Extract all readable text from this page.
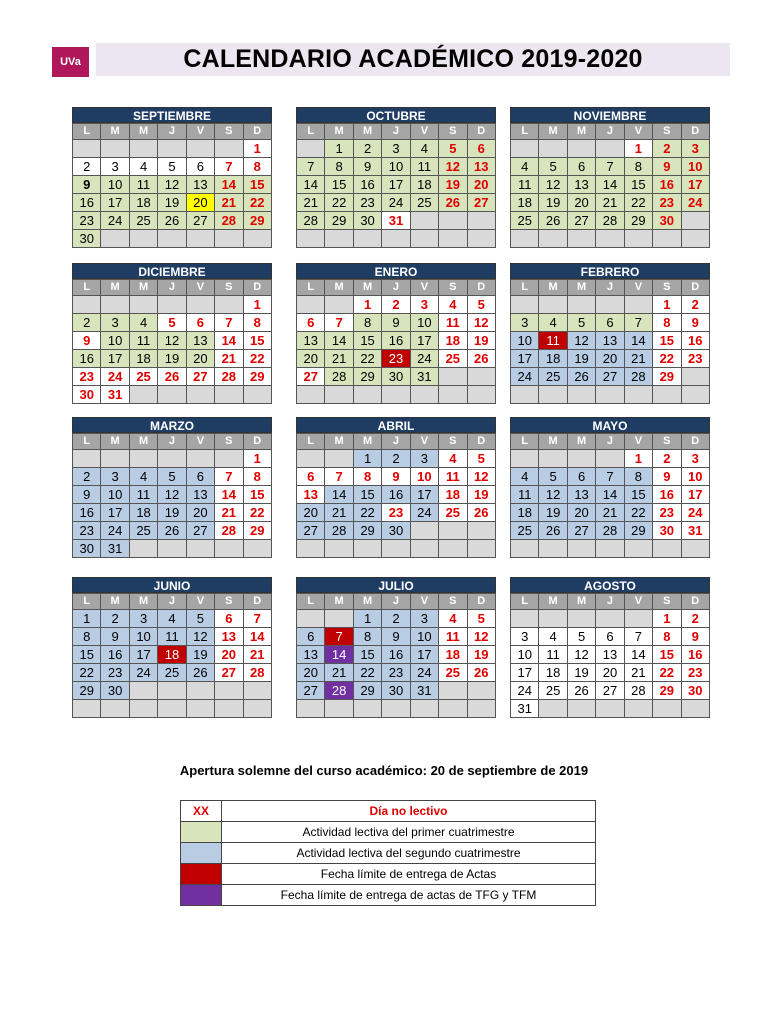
UVa	CALENDARIO ACADÉMICO 2019-2020
SEPTIEMBRE
L	M	M	J	V	S	D
						1
2	3	4	5	6	7	8
9	10	11	12	13	14	15
16	17	18	19	20	21	22
23	24	25	26	27	28	29
30						
OCTUBRE
L	M	M	J	V	S	D
	1	2	3	4	5	6
7	8	9	10	11	12	13
14	15	16	17	18	19	20
21	22	23	24	25	26	27
28	29	30	31			

NOVIEMBRE
L	M	M	J	V	S	D
				1	2	3
4	5	6	7	8	9	10
11	12	13	14	15	16	17
18	19	20	21	22	23	24
25	26	27	28	29	30	

DICIEMBRE
L	M	M	J	V	S	D
						1
2	3	4	5	6	7	8
9	10	11	12	13	14	15
16	17	18	19	20	21	22
23	24	25	26	27	28	29
30	31					
ENERO
L	M	M	J	V	S	D
		1	2	3	4	5
6	7	8	9	10	11	12
13	14	15	16	17	18	19
20	21	22	23	24	25	26
27	28	29	30	31		

FEBRERO
L	M	M	J	V	S	D
					1	2
3	4	5	6	7	8	9
10	11	12	13	14	15	16
17	18	19	20	21	22	23
24	25	26	27	28	29	

MARZO
L	M	M	J	V	S	D
						1
2	3	4	5	6	7	8
9	10	11	12	13	14	15
16	17	18	19	20	21	22
23	24	25	26	27	28	29
30	31					
ABRIL
L	M	M	J	V	S	D
		1	2	3	4	5
6	7	8	9	10	11	12
13	14	15	16	17	18	19
20	21	22	23	24	25	26
27	28	29	30			

MAYO
L	M	M	J	V	S	D
				1	2	3
4	5	6	7	8	9	10
11	12	13	14	15	16	17
18	19	20	21	22	23	24
25	26	27	28	29	30	31

JUNIO
L	M	M	J	V	S	D
1	2	3	4	5	6	7
8	9	10	11	12	13	14
15	16	17	18	19	20	21
22	23	24	25	26	27	28
29	30					

JULIO
L	M	M	J	V	S	D
		1	2	3	4	5
6	7	8	9	10	11	12
13	14	15	16	17	18	19
20	21	22	23	24	25	26
27	28	29	30	31		

AGOSTO
L	M	M	J	V	S	D
					1	2
3	4	5	6	7	8	9
10	11	12	13	14	15	16
17	18	19	20	21	22	23
24	25	26	27	28	29	30
31						
Apertura solemne del curso académico: 20 de septiembre de 2019
XX	Día no lectivo
	Actividad lectiva del primer cuatrimestre
	Actividad lectiva del segundo cuatrimestre
	Fecha límite de entrega de Actas
	Fecha límite de entrega de actas de TFG y TFM
